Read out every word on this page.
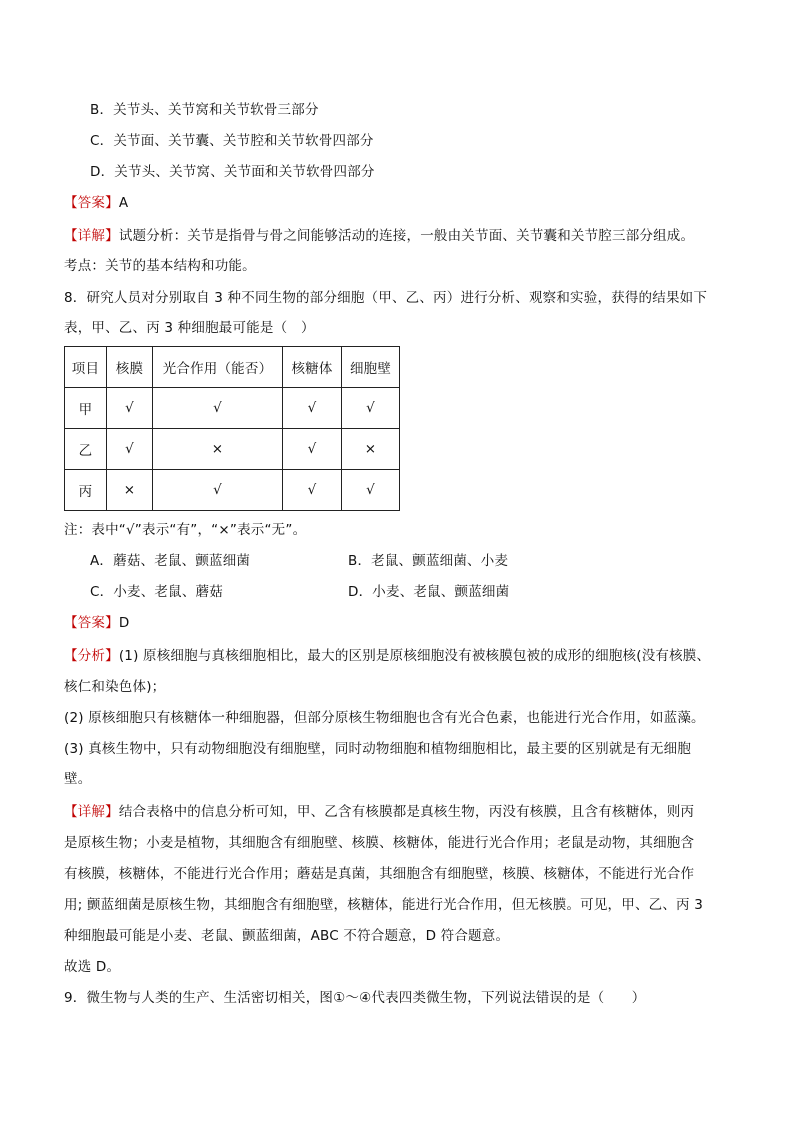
B．关节头、关节窝和关节软骨三部分
C．关节面、关节囊、关节腔和关节软骨四部分
D．关节头、关节窝、关节面和关节软骨四部分
【答案】A
【详解】试题分析：关节是指骨与骨之间能够活动的连接，一般由关节面、关节囊和关节腔三部分组成。
考点：关节的基本结构和功能。
8．研究人员对分别取自 3 种不同生物的部分细胞（甲、乙、丙）进行分析、观察和实验，获得的结果如下
表，甲、乙、丙 3 种细胞最可能是（　）
项目	核膜	光合作用（能否）	核糖体	细胞壁
甲	√	√	√	√
乙	√	×	√	×
丙	×	√	√	√
注：表中“√”表示“有”，“×”表示“无”。
A．蘑菇、老鼠、颤蓝细菌	B．老鼠、颤蓝细菌、小麦
C．小麦、老鼠、蘑菇	D．小麦、老鼠、颤蓝细菌
【答案】D
【分析】(1) 原核细胞与真核细胞相比，最大的区别是原核细胞没有被核膜包被的成形的细胞核(没有核膜、
核仁和染色体)；
(2) 原核细胞只有核糖体一种细胞器，但部分原核生物细胞也含有光合色素，也能进行光合作用，如蓝藻。
(3) 真核生物中，只有动物细胞没有细胞壁，同时动物细胞和植物细胞相比，最主要的区别就是有无细胞
壁。
【详解】结合表格中的信息分析可知，甲、乙含有核膜都是真核生物，丙没有核膜，且含有核糖体，则丙
是原核生物；小麦是植物，其细胞含有细胞壁、核膜、核糖体，能进行光合作用；老鼠是动物，其细胞含
有核膜，核糖体，不能进行光合作用；蘑菇是真菌，其细胞含有细胞壁，核膜、核糖体，不能进行光合作
用; 颤蓝细菌是原核生物，其细胞含有细胞壁，核糖体，能进行光合作用，但无核膜。可见，甲、乙、丙 3
种细胞最可能是小麦、老鼠、颤蓝细菌，ABC 不符合题意，D 符合题意。
故选 D。
9．微生物与人类的生产、生活密切相关，图①～④代表四类微生物，下列说法错误的是（　　）
